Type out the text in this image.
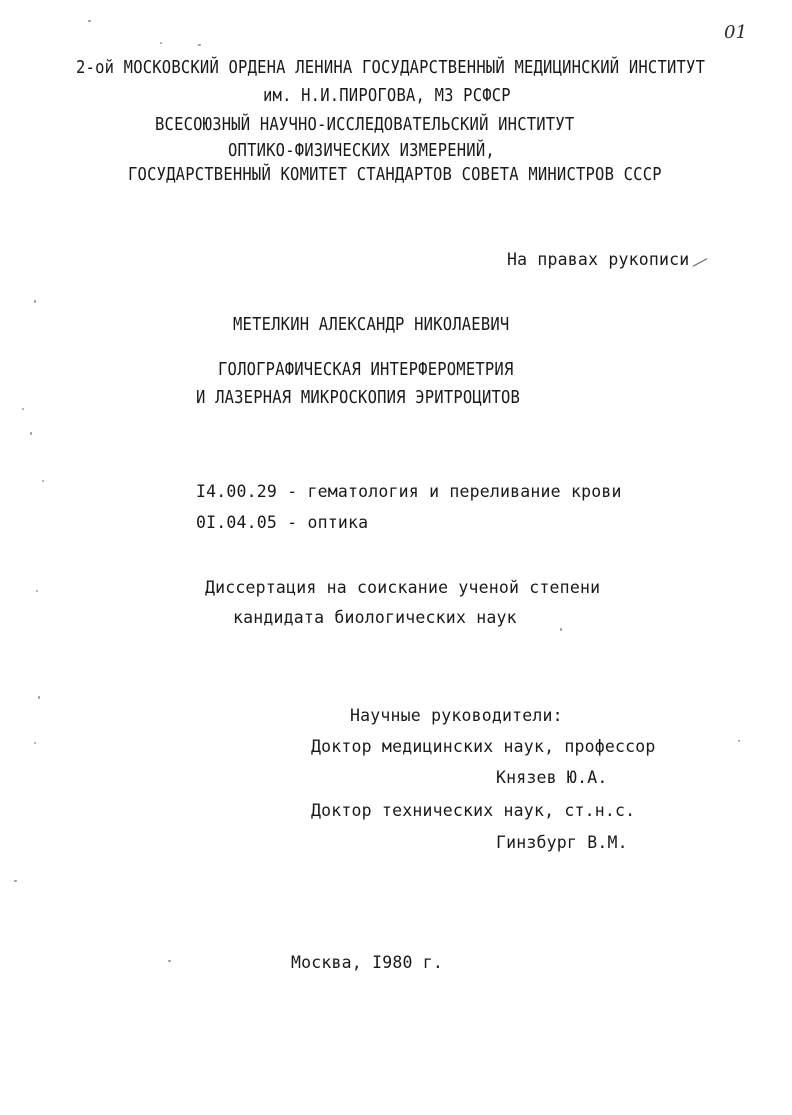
01
2-ой МОСКОВСКИЙ ОРДЕНА ЛЕНИНА ГОСУДАРСТВЕННЫЙ МЕДИЦИНСКИЙ ИНСТИТУТ
им. Н.И.ПИРОГОВА, МЗ РСФСР
ВСЕСОЮЗНЫЙ НАУЧНО-ИССЛЕДОВАТЕЛЬСКИЙ ИНСТИТУТ
ОПТИКО-ФИЗИЧЕСКИХ ИЗМЕРЕНИЙ,
ГОСУДАРСТВЕННЫЙ КОМИТЕТ СТАНДАРТОВ СОВЕТА МИНИСТРОВ СССР
На правах рукописи
МЕТЕЛКИН АЛЕКСАНДР НИКОЛАЕВИЧ
ГОЛОГРАФИЧЕСКАЯ ИНТЕРФЕРОМЕТРИЯ
И ЛАЗЕРНАЯ МИКРОСКОПИЯ ЭРИТРОЦИТОВ
I4.00.29 - гематология и переливание крови
0I.04.05 - оптика
Диссертация на соискание ученой степени
кандидата биологических наук
Научные руководители:
Доктор медицинских наук, профессор
Князев Ю.А.
Доктор технических наук, ст.н.с.
Гинзбург В.М.
Москва, I980 г.
